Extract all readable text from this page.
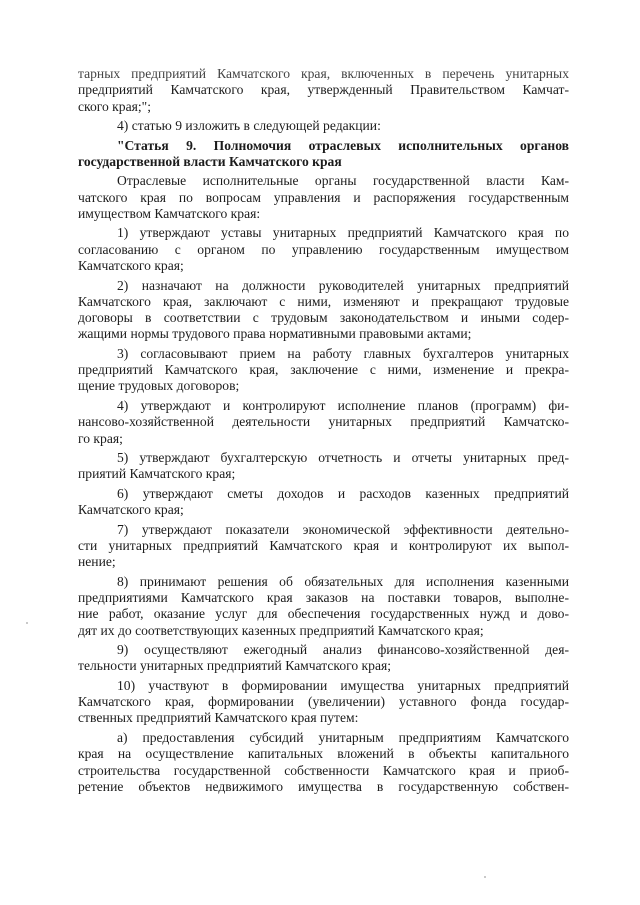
тарных предприятий Камчатского края, включенных в перечень унитарных
предприятий Камчатского края, утвержденный Правительством Камчат-
ского края;";
4) статью 9 изложить в следующей редакции:
"Статья 9. Полномочия отраслевых исполнительных органов
государственной власти Камчатского края
Отраслевые исполнительные органы государственной власти Кам-
чатского края по вопросам управления и распоряжения государственным
имуществом Камчатского края:
1) утверждают уставы унитарных предприятий Камчатского края по
согласованию с органом по управлению государственным имуществом
Камчатского края;
2) назначают на должности руководителей унитарных предприятий
Камчатского края, заключают с ними, изменяют и прекращают трудовые
договоры в соответствии с трудовым законодательством и иными содер-
жащими нормы трудового права нормативными правовыми актами;
3) согласовывают прием на работу главных бухгалтеров унитарных
предприятий Камчатского края, заключение с ними, изменение и прекра-
щение трудовых договоров;
4) утверждают и контролируют исполнение планов (программ) фи-
нансово-хозяйственной деятельности унитарных предприятий Камчатско-
го края;
5) утверждают бухгалтерскую отчетность и отчеты унитарных пред-
приятий Камчатского края;
6) утверждают сметы доходов и расходов казенных предприятий
Камчатского края;
7) утверждают показатели экономической эффективности деятельно-
сти унитарных предприятий Камчатского края и контролируют их выпол-
нение;
8) принимают решения об обязательных для исполнения казенными
предприятиями Камчатского края заказов на поставки товаров, выполне-
ние работ, оказание услуг для обеспечения государственных нужд и дово-
дят их до соответствующих казенных предприятий Камчатского края;
9) осуществляют ежегодный анализ финансово-хозяйственной дея-
тельности унитарных предприятий Камчатского края;
10) участвуют в формировании имущества унитарных предприятий
Камчатского края, формировании (увеличении) уставного фонда государ-
ственных предприятий Камчатского края путем:
а) предоставления субсидий унитарным предприятиям Камчатского
края на осуществление капитальных вложений в объекты капитального
строительства государственной собственности Камчатского края и приоб-
ретение объектов недвижимого имущества в государственную собствен-
